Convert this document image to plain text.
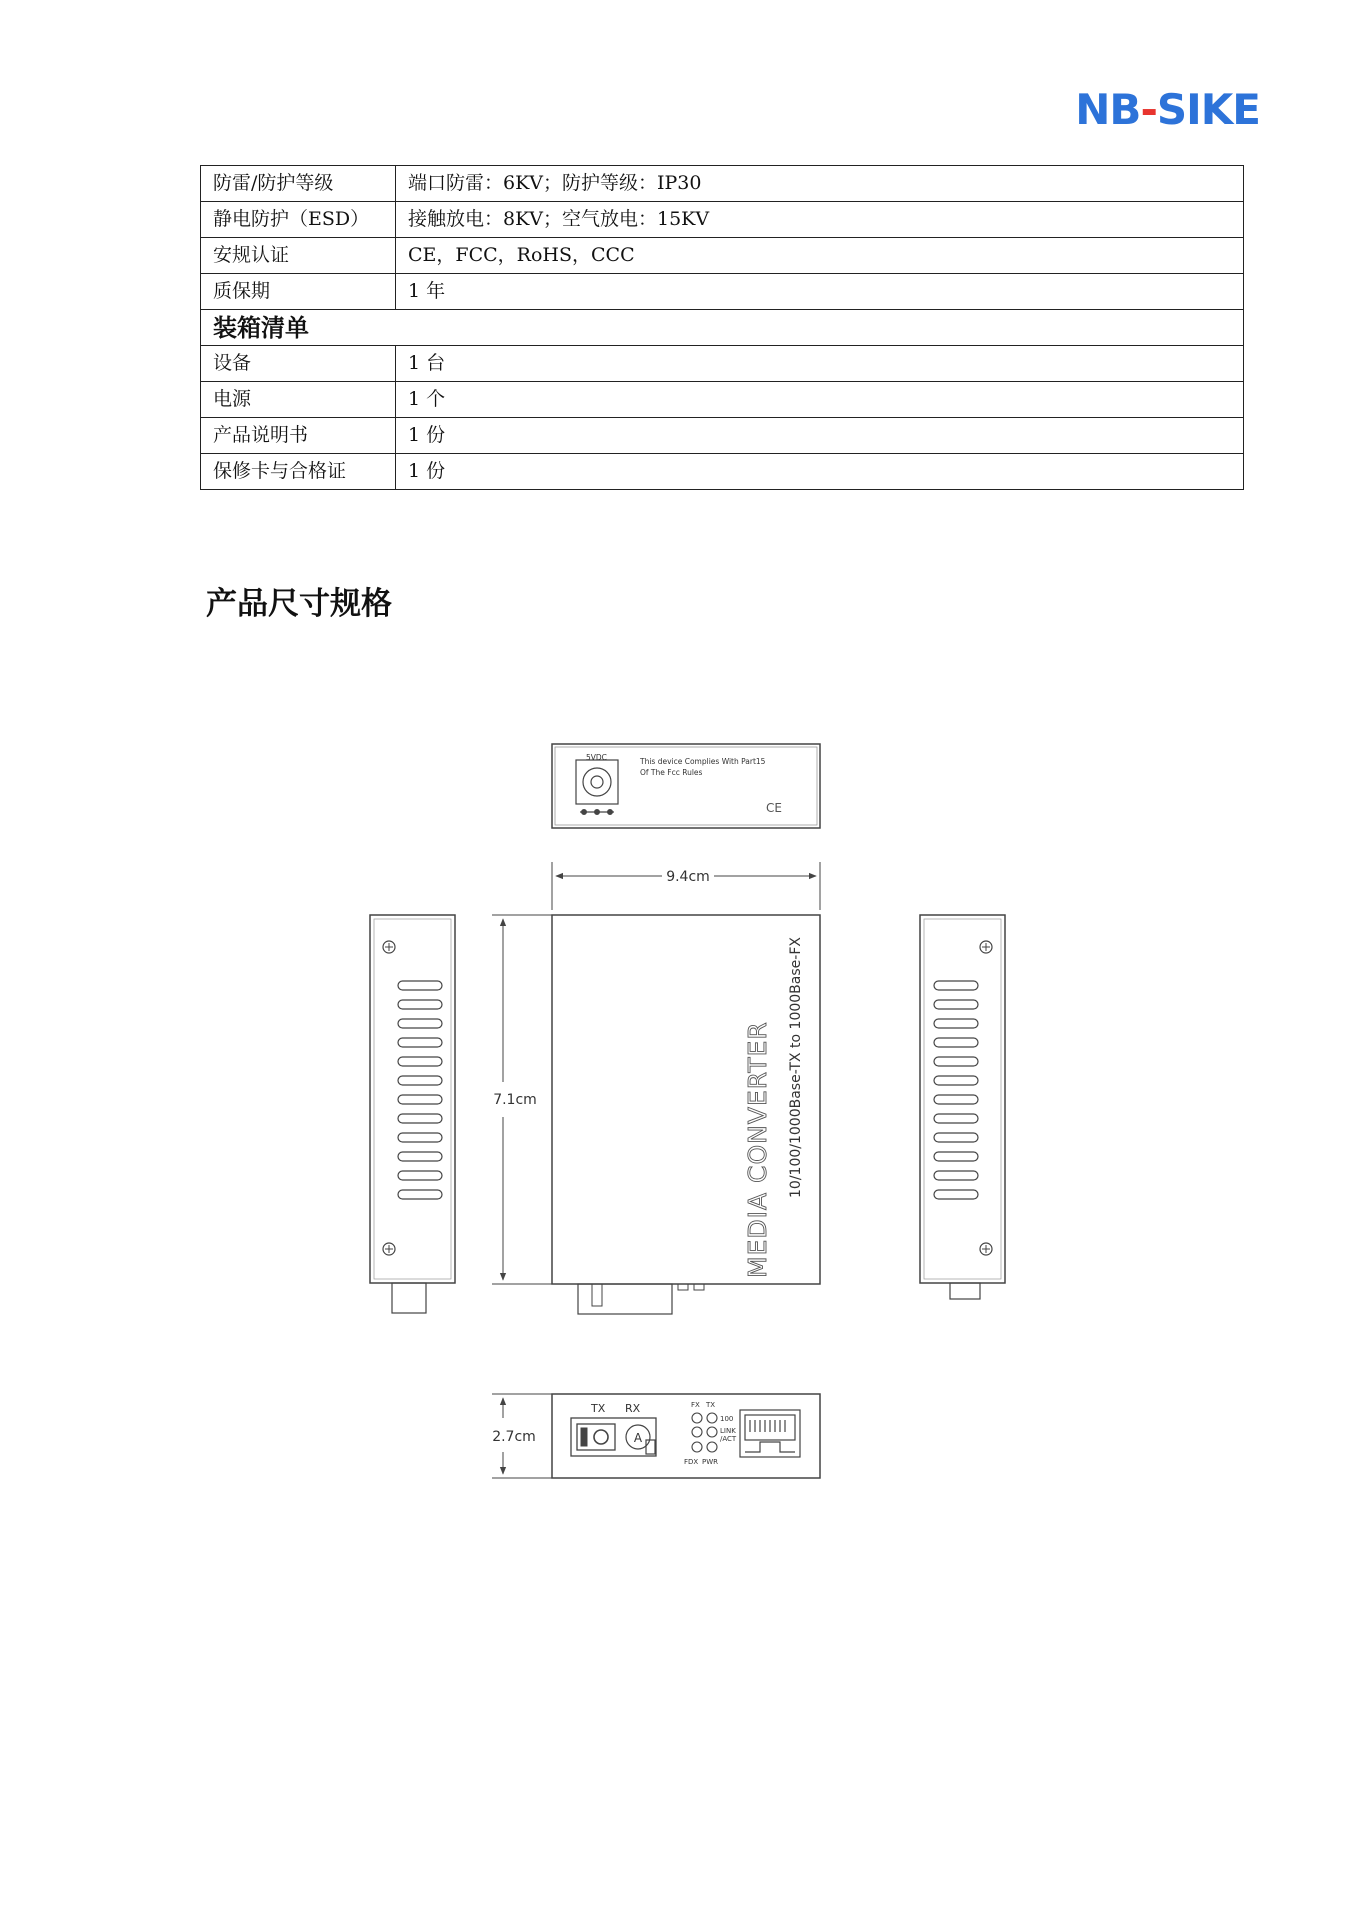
NB-SIKE
防雷/防护等级	端口防雷：6KV；防护等级：IP30
静电防护（ESD）	接触放电：8KV；空气放电：15KV
安规认证	CE，FCC，RoHS，CCC
质保期	1 年
装箱清单	
设备	1 台
电源	1 个
产品说明书	1 份
保修卡与合格证	1 份
产品尺寸规格
5VDC	This device Complies With Part15
Of The Fcc Rules
CE
9.4cm
7.1cm	MEDIA CONVERTER 10/100/1000Base-TX to 1000Base-FX
2.7cm
TX RX
A
FX TX
100
LINK
/ACT
FDX PWR
